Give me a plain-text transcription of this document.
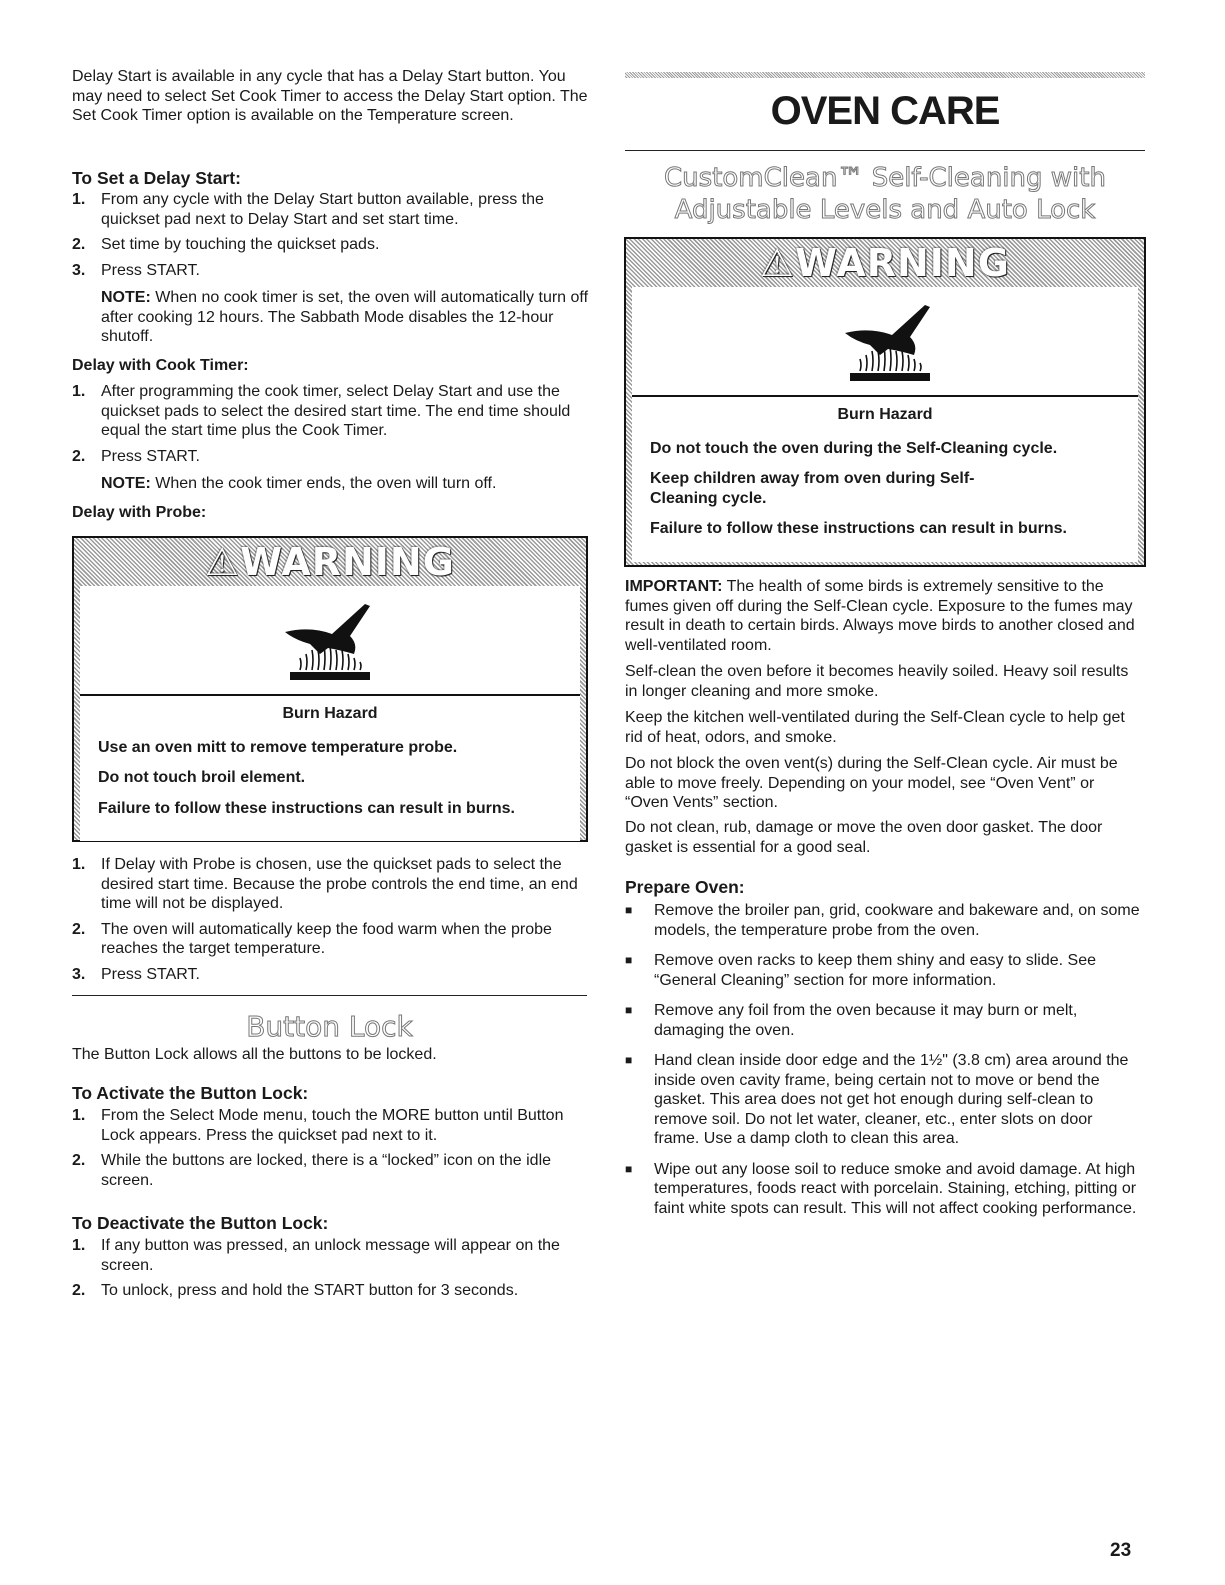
Delay Start is available in any cycle that has a Delay Start button. You may need to select Set Cook Timer to access the Delay Start option. The Set Cook Timer option is available on the Temperature screen.

To Set a Delay Start:

1. From any cycle with the Delay Start button available, press the quickset pad next to Delay Start and set start time.
2. Set time by touching the quickset pads.
3. Press START.

NOTE: When no cook timer is set, the oven will automatically turn off after cooking 12 hours. The Sabbath Mode disables the 12-hour shutoff.

Delay with Cook Timer:

1. After programming the cook timer, select Delay Start and use the quickset pads to select the desired start time. The end time should equal the start time plus the Cook Timer.
2. Press START.

NOTE: When the cook timer ends, the oven will turn off.

Delay with Probe:

⚠WARNING

Burn Hazard

Use an oven mitt to remove temperature probe.

Do not touch broil element.

Failure to follow these instructions can result in burns.

1. If Delay with Probe is chosen, use the quickset pads to select the desired start time. Because the probe controls the end time, an end time will not be displayed.
2. The oven will automatically keep the food warm when the probe reaches the target temperature.
3. Press START.

Button Lock

The Button Lock allows all the buttons to be locked.

To Activate the Button Lock:

1. From the Select Mode menu, touch the MORE button until Button Lock appears. Press the quickset pad next to it.
2. While the buttons are locked, there is a “locked” icon on the idle screen.

To Deactivate the Button Lock:

1. If any button was pressed, an unlock message will appear on the screen.
2. To unlock, press and hold the START button for 3 seconds.

OVEN CARE

CustomClean™ Self-Cleaning with

Adjustable Levels and Auto Lock

⚠WARNING

Burn Hazard

Do not touch the oven during the Self-Cleaning cycle.

Keep children away from oven during Self-Cleaning cycle.

Failure to follow these instructions can result in burns.

IMPORTANT: The health of some birds is extremely sensitive to the fumes given off during the Self-Clean cycle. Exposure to the fumes may result in death to certain birds. Always move birds to another closed and well-ventilated room.

Self-clean the oven before it becomes heavily soiled. Heavy soil results in longer cleaning and more smoke.

Keep the kitchen well-ventilated during the Self-Clean cycle to help get rid of heat, odors, and smoke.

Do not block the oven vent(s) during the Self-Clean cycle. Air must be able to move freely. Depending on your model, see “Oven Vent” or “Oven Vents” section.

Do not clean, rub, damage or move the oven door gasket. The door gasket is essential for a good seal.

Prepare Oven:

■	Remove the broiler pan, grid, cookware and bakeware and, on some models, the temperature probe from the oven.
■	Remove oven racks to keep them shiny and easy to slide. See “General Cleaning” section for more information.
■	Remove any foil from the oven because it may burn or melt, damaging the oven.
■	Hand clean inside door edge and the 1½" (3.8 cm) area around the inside oven cavity frame, being certain not to move or bend the gasket. This area does not get hot enough during self-clean to remove soil. Do not let water, cleaner, etc., enter slots on door frame. Use a damp cloth to clean this area.
■	Wipe out any loose soil to reduce smoke and avoid damage. At high temperatures, foods react with porcelain. Staining, etching, pitting or faint white spots can result. This will not affect cooking performance.

23
